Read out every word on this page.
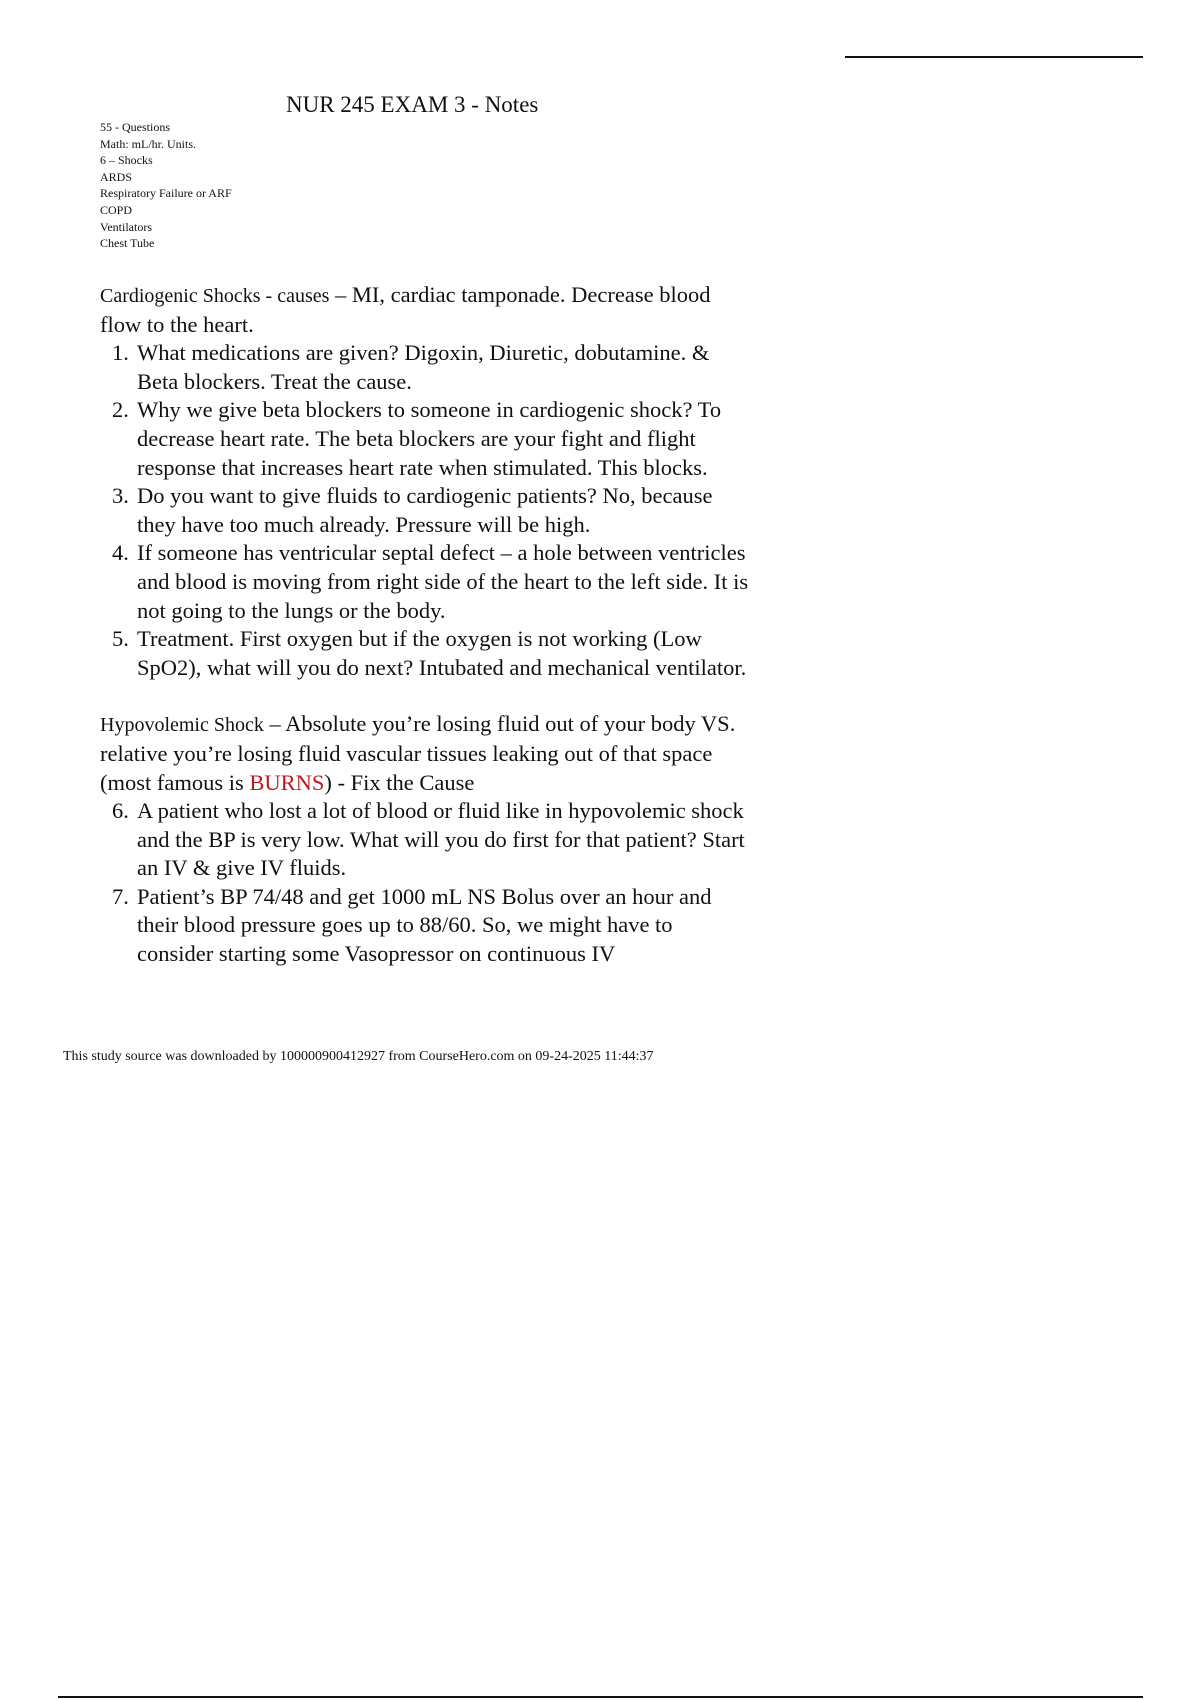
NUR 245 EXAM 3 - Notes
55 - Questions
Math: mL/hr. Units.
6 – Shocks
ARDS
Respiratory Failure or ARF
COPD
Ventilators
Chest Tube

Cardiogenic Shocks - causes – MI, cardiac tamponade. Decrease blood flow to the heart.

1. What medications are given? Digoxin, Diuretic, dobutamine. & Beta blockers. Treat the cause.
2. Why we give beta blockers to someone in cardiogenic shock? To decrease heart rate. The beta blockers are your fight and flight response that increases heart rate when stimulated. This blocks.
3. Do you want to give fluids to cardiogenic patients? No, because they have too much already. Pressure will be high.
4. If someone has ventricular septal defect – a hole between ventricles and blood is moving from right side of the heart to the left side. It is not going to the lungs or the body.
5. Treatment. First oxygen but if the oxygen is not working (Low SpO2), what will you do next? Intubated and mechanical ventilator.

Hypovolemic Shock – Absolute you’re losing fluid out of your body VS. relative you’re losing fluid vascular tissues leaking out of that space (most famous is BURNS) - Fix the Cause

6. A patient who lost a lot of blood or fluid like in hypovolemic shock and the BP is very low. What will you do first for that patient? Start an IV & give IV fluids.
7. Patient’s BP 74/48 and get 1000 mL NS Bolus over an hour and their blood pressure goes up to 88/60. So, we might have to consider starting some Vasopressor on continuous IV
This study source was downloaded by 100000900412927 from CourseHero.com on 09-24-2025 11:44:37
